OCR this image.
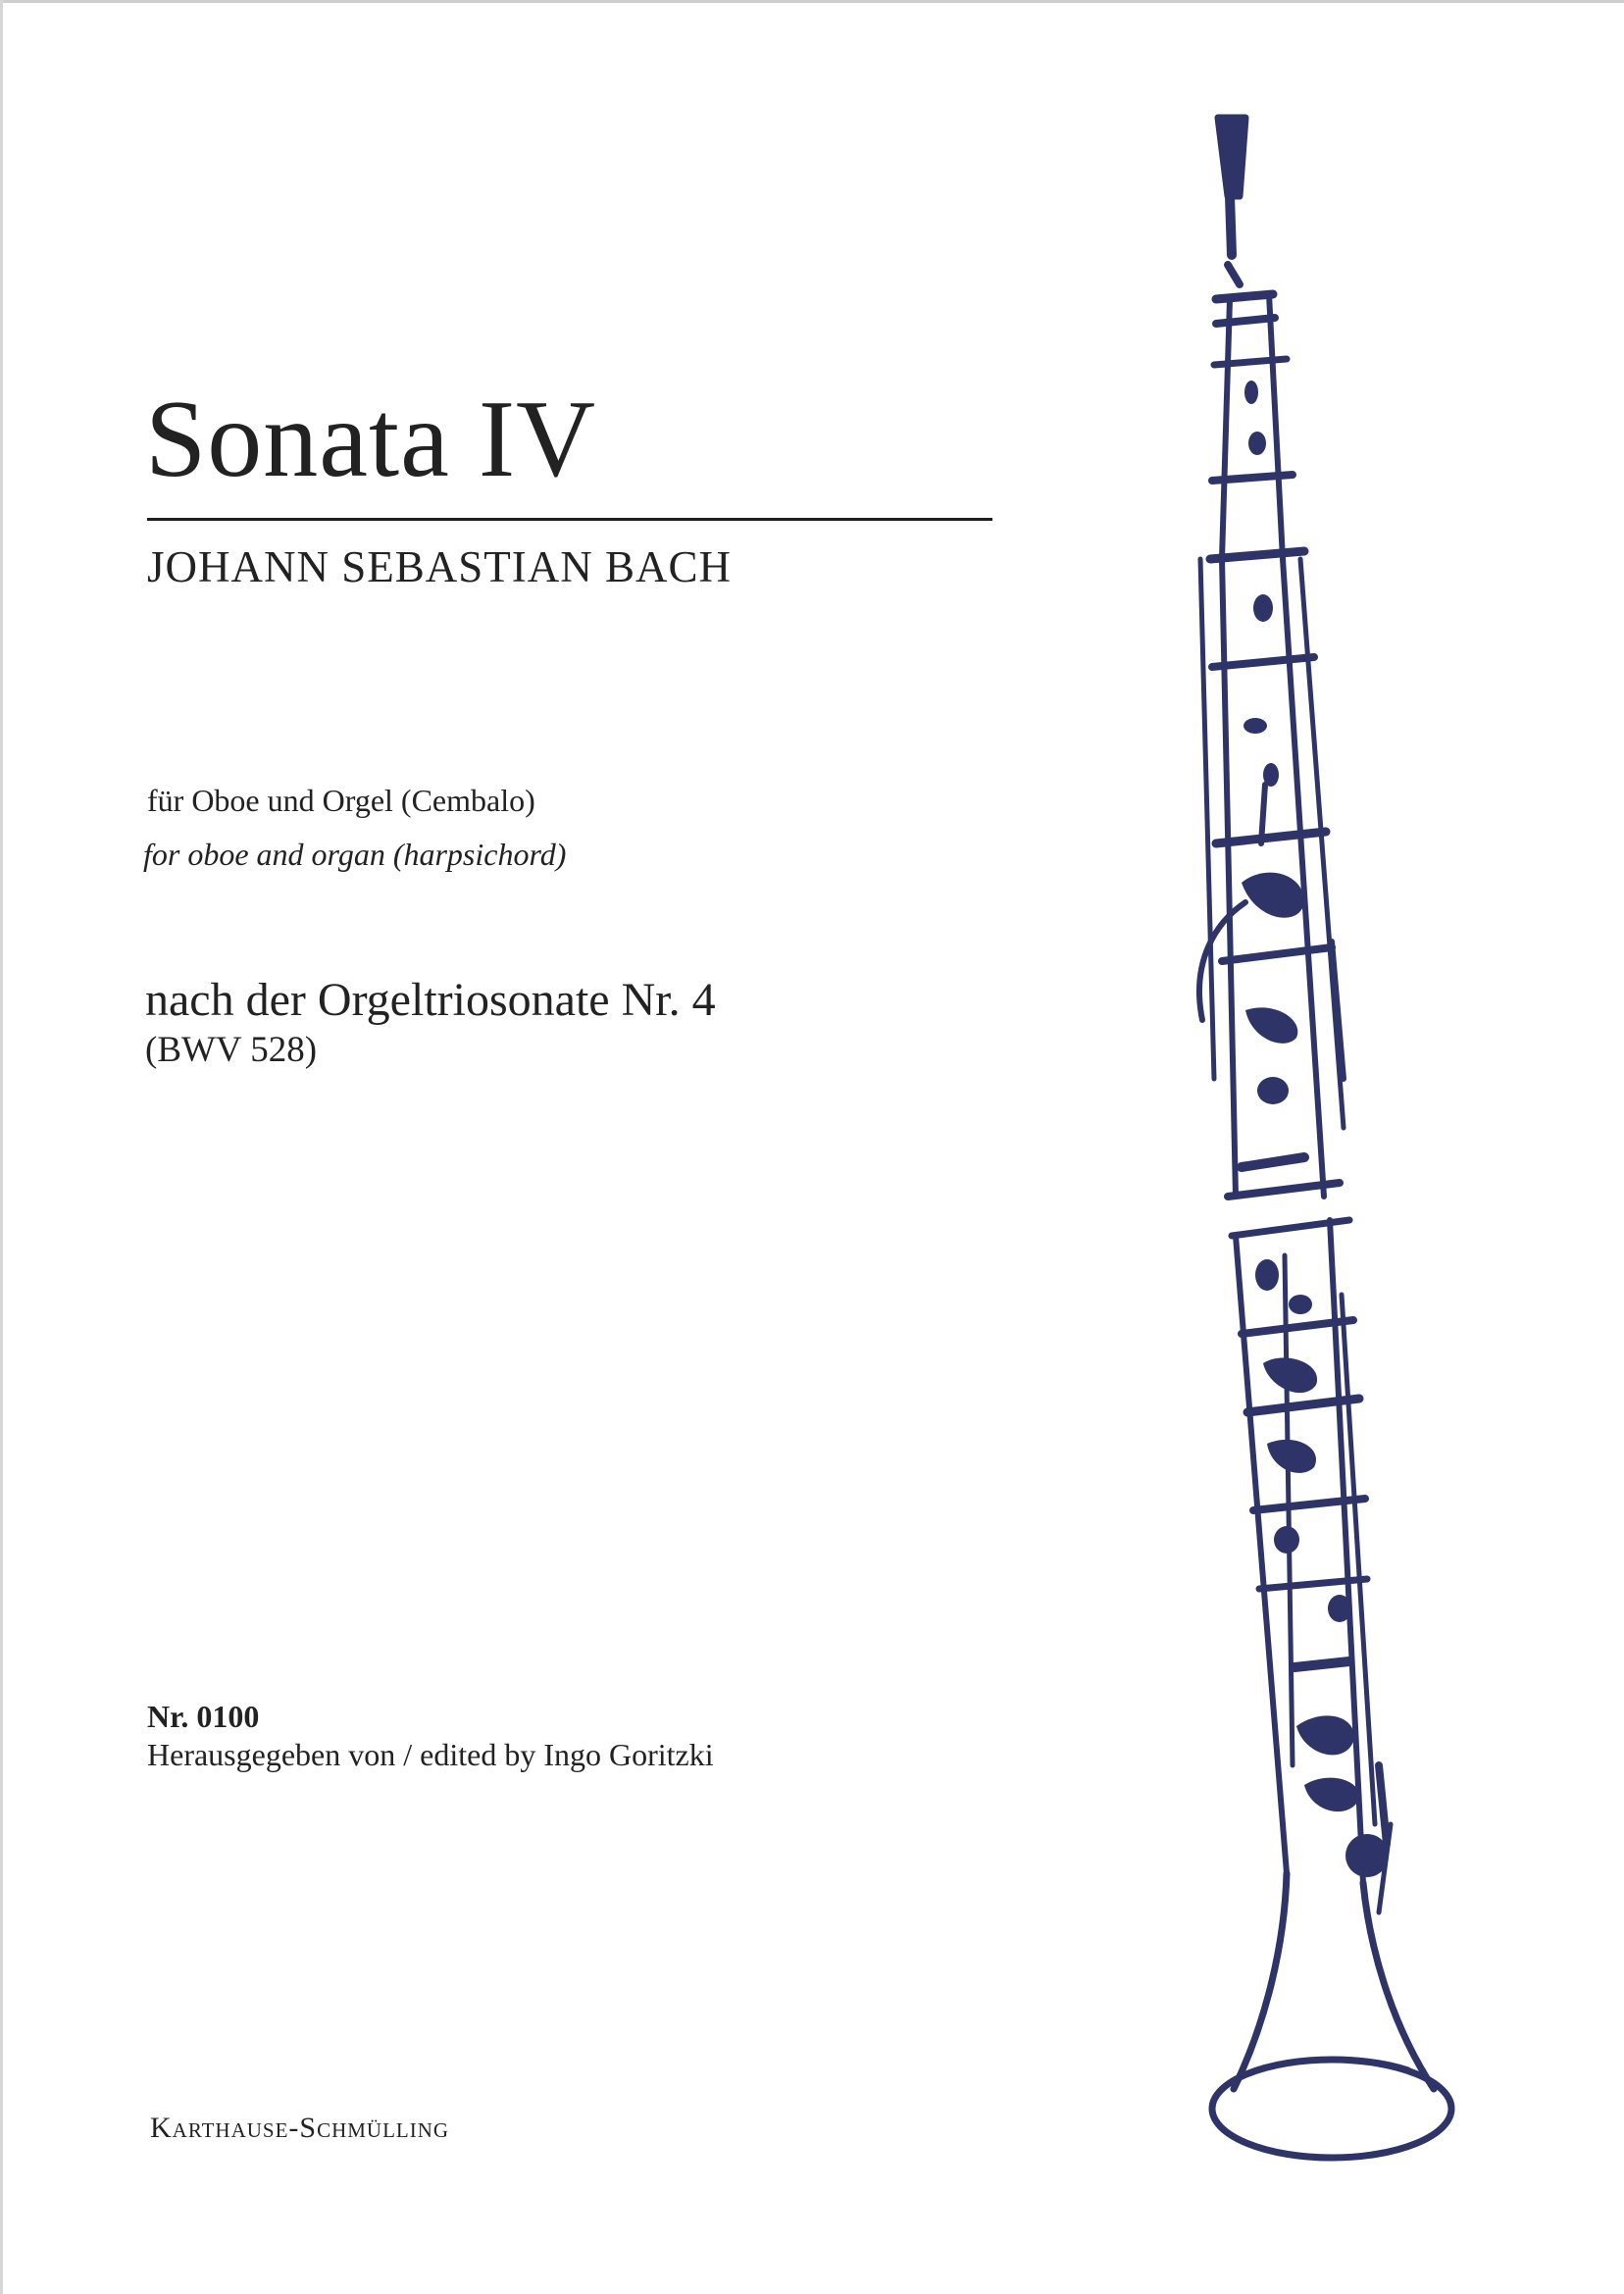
Sonata IV
JOHANN SEBASTIAN BACH
für Oboe und Orgel (Cembalo)
for oboe and organ (harpsichord)
nach der Orgeltriosonate Nr. 4
(BWV 528)
Nr. 0100
Herausgegeben von / edited by Ingo Goritzki
Karthause-Schmülling
